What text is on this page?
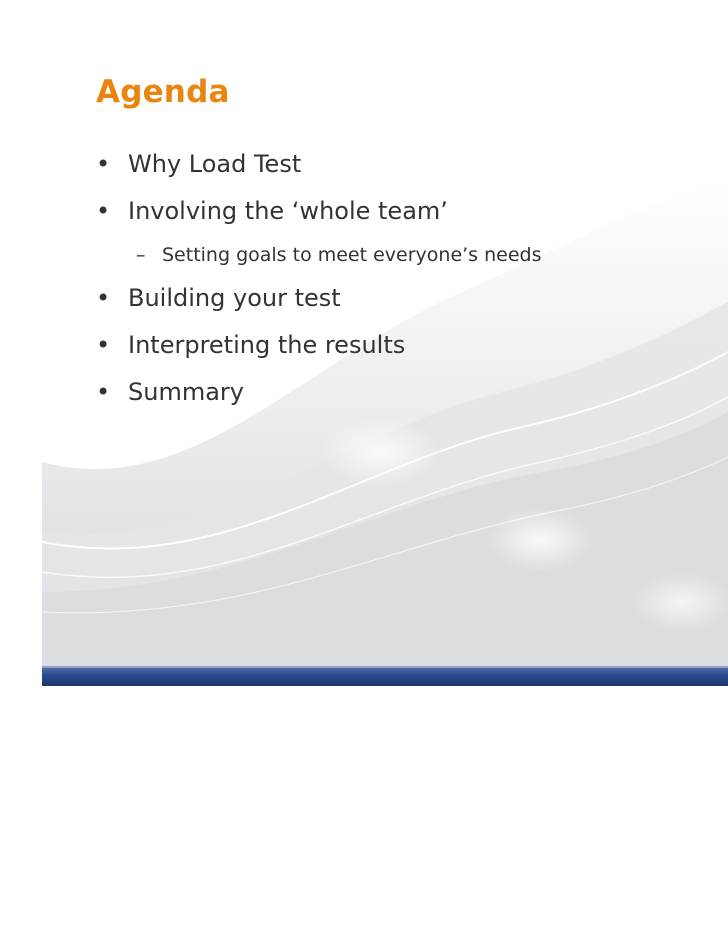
Agenda
• Why Load Test
• Involving the ‘whole team’
– Setting goals to meet everyone’s needs
• Building your test
• Interpreting the results
• Summary
